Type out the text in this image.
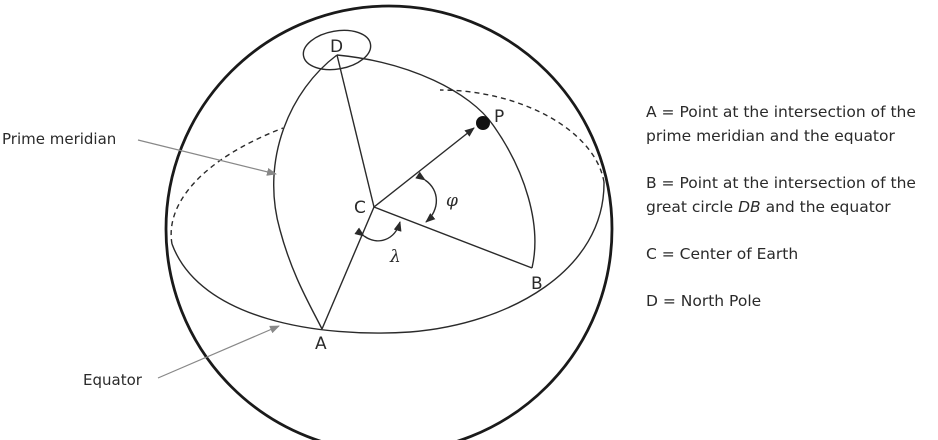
D
P
C
A
B
φ
λ
Prime meridian
Equator

A = Point at the intersection of the
prime meridian and the equator

B = Point at the intersection of the
great circle DB and the equator

C = Center of Earth

D = North Pole
